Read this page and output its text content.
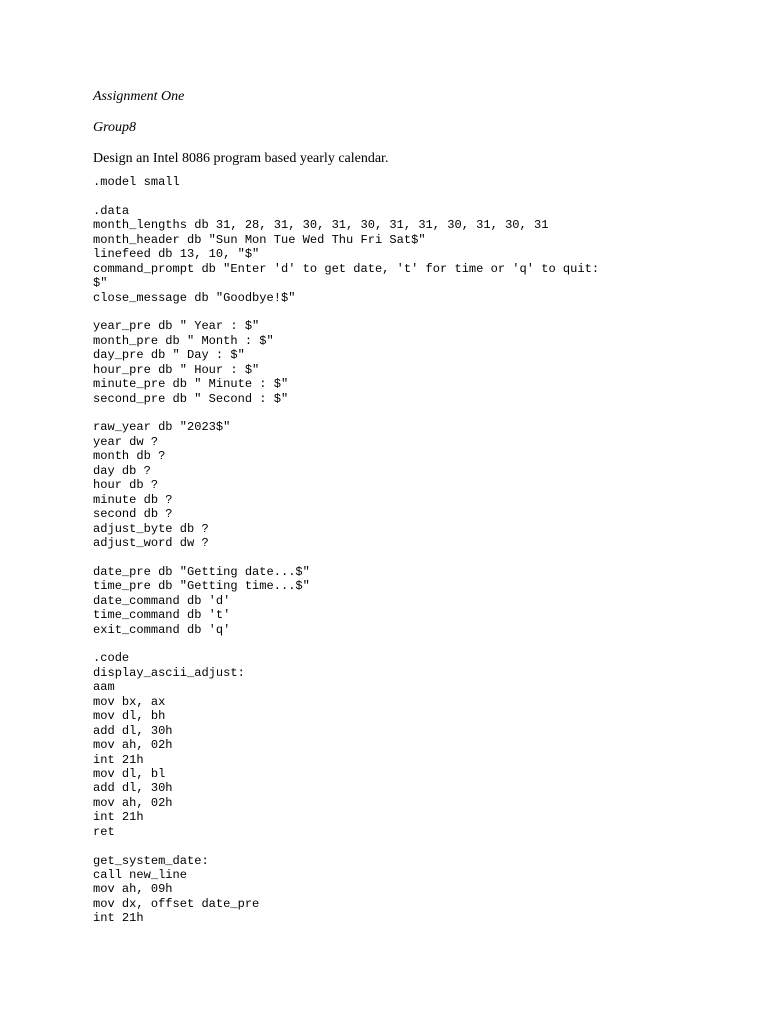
Assignment One

Group8

Design an Intel 8086 program based yearly calendar.

.model small
.data
month_lengths db 31, 28, 31, 30, 31, 30, 31, 31, 30, 31, 30, 31
month_header db "Sun Mon Tue Wed Thu Fri Sat$"
linefeed db 13, 10, "$"
command_prompt db "Enter 'd' to get date, 't' for time or 'q' to quit:
$"
close_message db "Goodbye!$"
year_pre db " Year : $"
month_pre db " Month : $"
day_pre db " Day : $"
hour_pre db " Hour : $"
minute_pre db " Minute : $"
second_pre db " Second : $"
raw_year db "2023$"
year dw ?
month db ?
day db ?
hour db ?
minute db ?
second db ?
adjust_byte db ?
adjust_word dw ?
date_pre db "Getting date...$"
time_pre db "Getting time...$"
date_command db 'd'
time_command db 't'
exit_command db 'q'
.code
display_ascii_adjust:
aam
mov bx, ax
mov dl, bh
add dl, 30h
mov ah, 02h
int 21h
mov dl, bl
add dl, 30h
mov ah, 02h
int 21h
ret
get_system_date:
call new_line
mov ah, 09h
mov dx, offset date_pre
int 21h
